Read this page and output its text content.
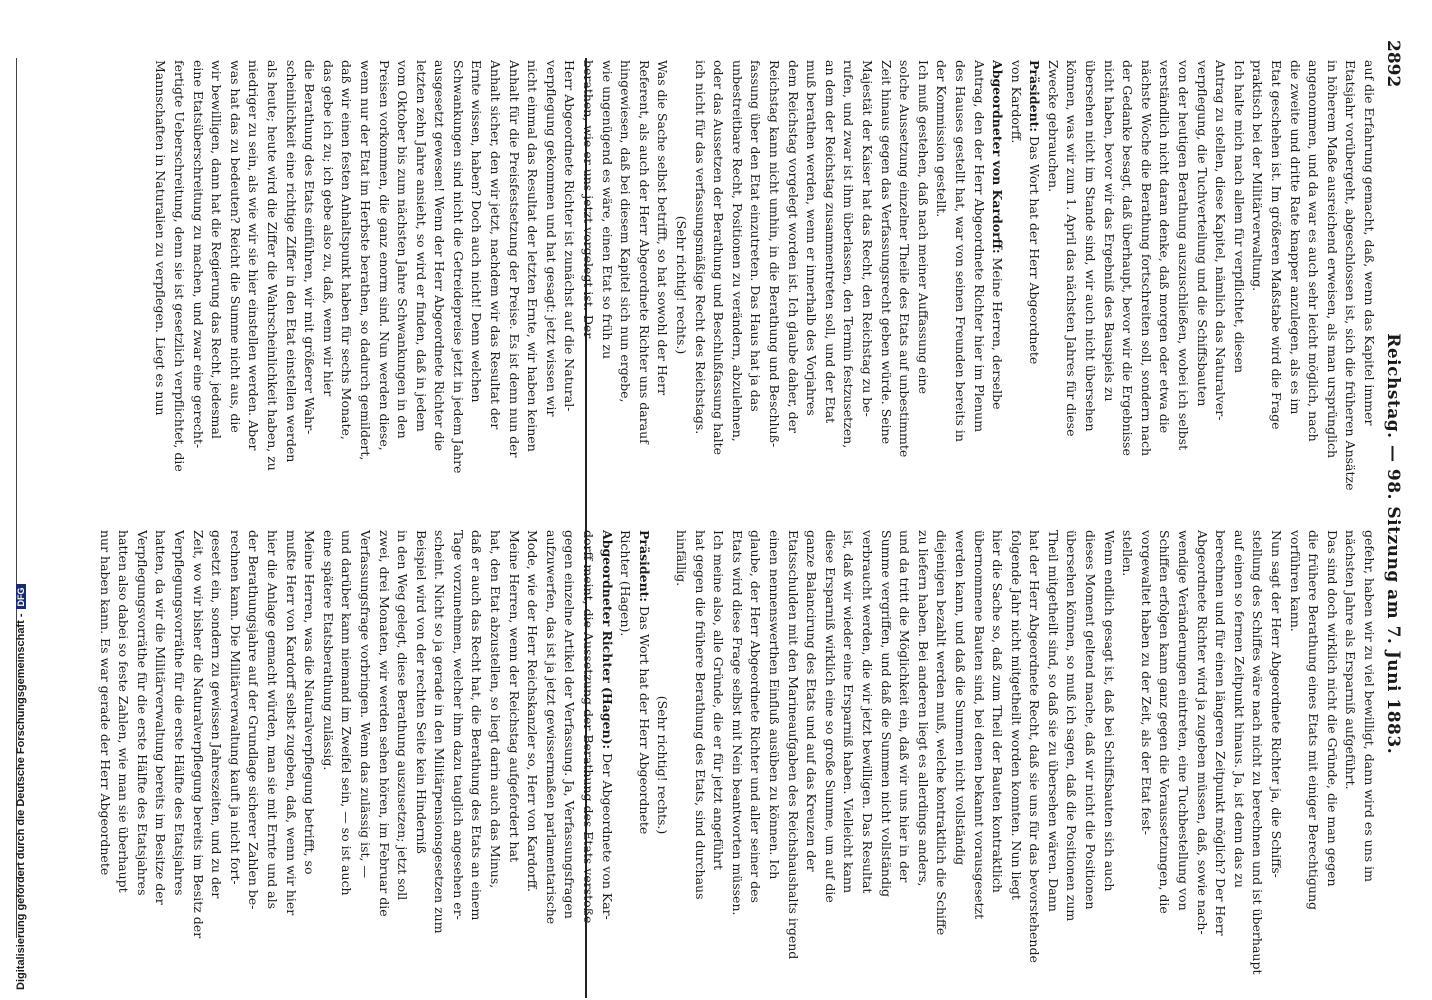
2892
Reichstag. — 98. Sitzung am 7. Juni 1883.
auf die Erfahrung gemacht, daß, wenn das Kapitel immer
Etatsjahr vorübergeht, abgeschlossen ist, sich die früheren Ansätze
in höherem Maße ausreichend erweisen, als man ursprünglich
angenommen, und da war es auch sehr leicht möglich, nach
die zweite und dritte Rate knapper anzulegen, als es im
Etat geschehen ist. Im größeren Maßstabe wird die Frage
praktisch bei der Militärverwaltung.
Ich halte mich nach allem für verpflichtet, diesen
Antrag zu stellen, diese Kapitel, nämlich das Naturalver-
verpflegung, die Tuchverteilung und die Schiffsbauten
von der heutigen Berathung auszuschließen, wobei ich selbst
verständlich nicht daran denke, daß morgen oder etwa die
nächste Woche die Berathung fortschreiten soll, sondern nach
der Gedanke besagt, daß überhaupt, bevor wir die Ergebnisse
nicht haben, bevor wir das Ergebniß des Bauspiels zu
übersehen nicht im Stande sind, wir auch nicht übersehen
können, was wir zum 1. April das nächsten Jahres für diese
Zwecke gebrauchen.
Präsident: Das Wort hat der Herr Abgeordnete
von Kardorff.
Abgeordneter von Kardorff: Meine Herren, derselbe
Antrag, den der Herr Abgeordnete Richter hier im Plenum
des Hauses gestellt hat, war von seinen Freunden bereits in
der Kommission gestellt.
Ich muß gestehen, daß nach meiner Auffassung eine
solche Aussetzung einzelner Theile des Etats auf unbestimmte
Zeit hinaus gegen das Verfassungsrecht geben würde. Seine
Majestät der Kaiser hat das Recht, den Reichstag zu be-
rufen, und zwar ist ihm überlassen, den Termin festzusetzen,
an dem der Reichstag zusammentreten soll, und der Etat
muß berathen werden, wenn er innerhalb des Vorjahres
dem Reichstag vorgelegt worden ist. Ich glaube daher, der
Reichstag kann nicht umhin, in die Berathung und Beschluß-
fassung über den Etat einzutreten. Das Haus hat ja das
unbestreitbare Recht, Positionen zu verändern, abzulehnen,
oder das Aussetzen der Berathung und Beschlußfassung halte
ich nicht für das verfassungsmäßige Recht des Reichstags.
(Sehr richtig! rechts.)
Was die Sache selbst betrifft, so hat sowohl der Herr
Referent, als auch der Herr Abgeordnete Richter uns darauf
hingewiesen, daß bei diesem Kapitel sich nun ergebe,
wie ungenügend es wäre, einen Etat so früh zu
berathen, wie er uns jetzt vorgelegt ist. Der
Herr Abgeordnete Richter ist zunächst auf die Natural-
verpflegung gekommen und hat gesagt: jetzt wissen wir
nicht einmal das Resultat der letzten Ernte, wir haben keinen
Anhalt für die Preisfestsetzung der Preise. Es ist denn nun der
Anhalt sicher, den wir jetzt, nachdem wir das Resultat der
Ernte wissen, haben? Doch auch nicht! Denn welchen
Schwankungen sind nicht die Getreidepreise jetzt in jedem Jahre
ausgesetzt gewesen! Wenn der Herr Abgeordnete Richter die
letzten zehn Jahre ansieht, so wird er finden, daß in jedem
vom Oktober bis zum nächsten Jahre Schwankungen in den
Preisen vorkommen, die ganz enorm sind. Nun werden diese,
wenn nur der Etat im Herbste berathen, so dadurch gemildert,
daß wir einen festen Anhaltspunkt haben für sechs Monate,
das gebe ich zu; ich gebe also zu, daß, wenn wir hier
die Berathung des Etats einführen, wir mit größerer Wahr-
scheinlichkeit eine richtige Ziffer in den Etat einstellen werden
als heute; heute wird die Ziffer die Wahrscheinlichkeit haben, zu
niedriger zu sein, als wie wir sie hier einstellen werden. Aber
was hat das zu bedeuten? Reicht die Summe nicht aus, die
wir bewilligen, dann hat die Regierung das Recht, jedesmal
eine Etatsüberschreitung zu machen, und zwar eine gerecht-
fertigte Ueberschreitung, denn sie ist gesetzlich verpflichtet, die
Mannschaften in Naturalien zu verpflegen. Liegt es nun
gefehr, haben wir zu viel bewilligt, dann wird es uns im
nächsten Jahre als Ersparniß aufgeführt.
Das sind doch wirklich nicht die Gründe, die man gegen
die frühere Berathung eines Etats mit einiger Berechtigung
vorführen kann.
Nun sagt der Herr Abgeordnete Richter ja, die Schiffs-
stellung des Schiffes wäre nach nicht zu berechnen und ist überhaupt
auf einen so fernen Zeitpunkt hinaus. Ja, ist denn das zu
berechnen und für einen längeren Zeitpunkt möglich? Der Herr
Abgeordnete Richter wird ja zugeben müssen, daß, sowie nach-
wendige Veränderungen eintreten, eine Tuchbestellung von
Schiffen erfolgen kann ganz gegen die Voraussetzungen, die
vorgewaltet haben zu der Zeit, als der Etat fest-
stellen.
Wenn endlich gesagt ist, daß bei Schiffsbauten sich auch
dieses Moment geltend mache, daß wir nicht die Positionen
übersehen können, so muß ich sagen, daß die Positionen zum
Theil mitgetheilt sind, so daß sie zu übersehen wären. Dann
hat der Herr Abgeordnete Recht, daß sie uns für das bevorstehende
folgende Jahr nicht mitgetheilt worden konnten. Nun liegt
hier die Sache so, daß zum Theil der Bauten kontraktlich
übernommene Bauten sind, bei denen bekannt vorausgesetzt
werden kann, und daß die Summen nicht vollständig
diejenigen bezahlt werden muß, welche kontraktlich die Schiffe
zu liefern haben. Bei anderen liegt es allerdings anders,
und da tritt die Möglichkeit ein, daß wir uns hier in der
Summe vergriffen, und daß die Summen nicht vollständig
verbraucht werden, die wir jetzt bewilligen. Das Resultat
ist, daß wir wieder eine Ersparniß haben. Vielleicht kann
diese Ersparniß wirklich eine so große Summe, um auf die
ganze Balancirung des Etats und auf das Kreuzen der
Etatsschulden mit den Marineaufgaben des Reichshaushalts irgend
einen nennenswerthen Einfluß ausüben zu können. Ich
glaube, der Herr Abgeordnete Richter und aller seiner des
Etats wird diese Frage selbst mit Nein beantworten müssen.
Ich meine also, alle Gründe, die er für jetzt angeführt
hat gegen die frühere Berathung des Etats, sind durchaus
hinfällig.
(Sehr richtig! rechts.)
Präsident: Das Wort hat der Herr Abgeordnete
Richter (Hagen).
Abgeordneter Richter (Hagen): Der Abgeordnete von Kar-
dorff meint, die Aussetzung der Berathung des Etats verstoße
gegen einzelne Artikel der Verfassung. Ja, Verfassungsfragen
aufzuwerfen, das ist ja jetzt gewissermaßen parlamentarische
Mode, wie der Herr Reichskanzler so, Herr von Kardorff.
Meine Herren, wenn der Reichstag aufgefordert hat
hat, den Etat abzustellen, so liegt darin auch das Minus,
daß er auch das Recht hat, die Berathung des Etats an einem
Tage vorzunehmen, welcher ihm dazu tauglich angesehen er-
scheint. Nicht so ja gerade in den Militärpensionsgesetzen zum
Beispiel wird von der rechten Seite kein Hinderniß
in den Weg gelegt, diese Berathung auszusetzen; jetzt soll
zwei, drei Monaten, wir werden sehen hören, im Februar die
Verfassungsfrage vorbringen. Wenn das zulässig ist, —
und darüber kann niemand im Zweifel sein, — so ist auch
eine spätere Etatsberathung zulässig.
Meine Herren, was die Naturalverpflegung betrifft, so
mußte Herr von Kardorff selbst zugeben, daß, wenn wir hier
hier die Anlage gemacht würden, man sie mit Ernte und als
der Berathungsjahre auf der Grundlage sicherer Zahlen be-
rechnen kann. Die Militärverwaltung kauft ja nicht fort-
gesetzt ein, sondern zu gewissen Jahreszeiten, und zu der
Zeit, wo wir bisher die Naturalverpflegung bereits im Besitz der
Verpflegungsvorräthe für die erste Hälfte des Etatsjahres
hatten, da wir die Militärverwaltung bereits im Besitze der
Verpflegungsvorräthe für die erste Hälfte des Etatsjahres
hatten also dabei so feste Zahlen, wie man sie überhaupt
nur haben kann. Es war gerade der Herr Abgeordnete
Digitalisierung gefördert durch die Deutsche Forschungsgemeinschaft -
DFG
